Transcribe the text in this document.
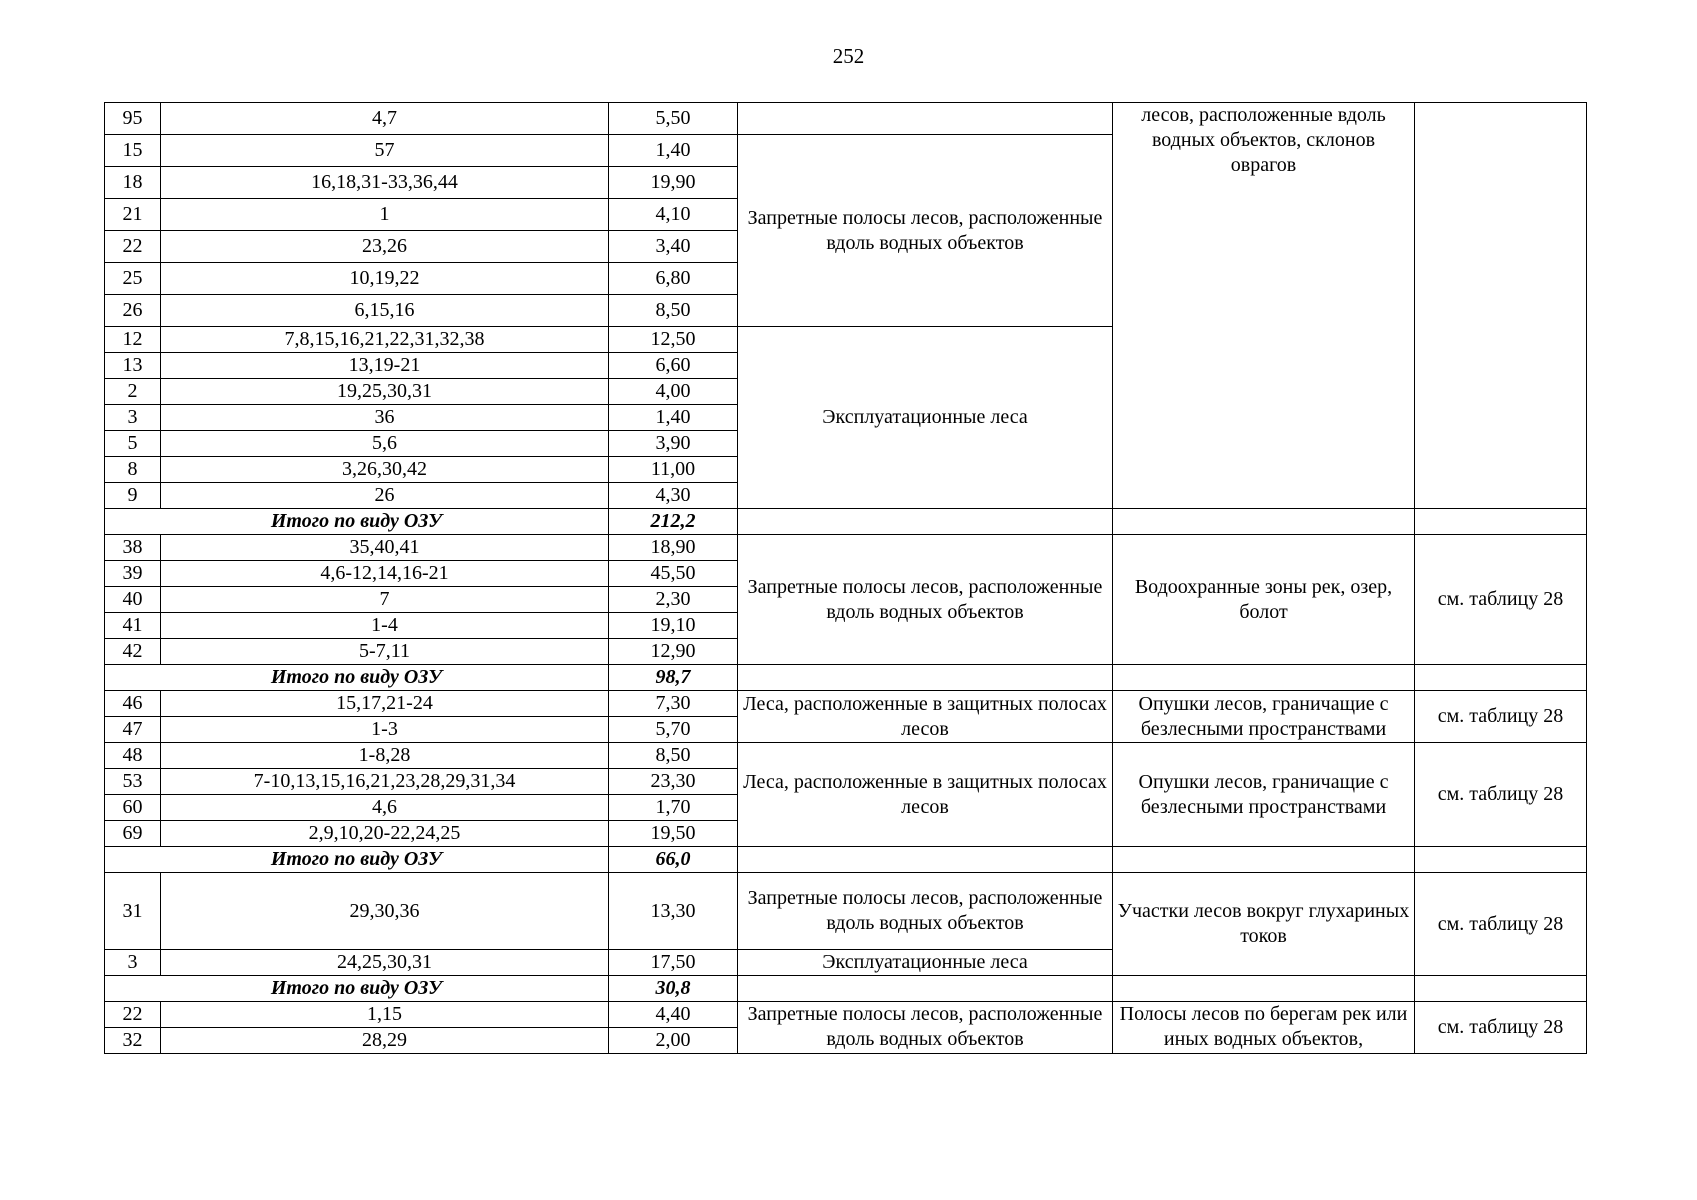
252
95	4,7	5,50		лесов, расположенные вдоль водных объектов, склонов оврагов	
15	57	1,40	Запретные полосы лесов, расположенные вдоль водных объектов		
18	16,18,31-33,36,44	19,90			
21	1	4,10			
22	23,26	3,40			
25	10,19,22	6,80			
26	6,15,16	8,50			
12	7,8,15,16,21,22,31,32,38	12,50	Эксплуатационные леса		
13	13,19-21	6,60			
2	19,25,30,31	4,00			
3	36	1,40			
5	5,6	3,90			
8	3,26,30,42	11,00			
9	26	4,30			
Итого по виду ОЗУ		212,2			
38	35,40,41	18,90	Запретные полосы лесов, расположенные вдоль водных объектов	Водоохранные зоны рек, озер, болот	см. таблицу 28
39	4,6-12,14,16-21	45,50			
40	7	2,30			
41	1-4	19,10			
42	5-7,11	12,90			
Итого по виду ОЗУ		98,7			
46	15,17,21-24	7,30	Леса, расположенные в защитных полосах лесов	Опушки лесов, граничащие с безлесными пространствами	см. таблицу 28
47	1-3	5,70			
48	1-8,28	8,50	Леса, расположенные в защитных полосах лесов	Опушки лесов, граничащие с безлесными пространствами	см. таблицу 28
53	7-10,13,15,16,21,23,28,29,31,34	23,30			
60	4,6	1,70			
69	2,9,10,20-22,24,25	19,50			
Итого по виду ОЗУ		66,0			
31	29,30,36	13,30	Запретные полосы лесов, расположенные вдоль водных объектов	Участки лесов вокруг глухариных токов	см. таблицу 28
3	24,25,30,31	17,50	Эксплуатационные леса		
Итого по виду ОЗУ		30,8			
22	1,15	4,40	Запретные полосы лесов, расположенные вдоль водных объектов	Полосы лесов по берегам рек или иных водных объектов,	см. таблицу 28
32	28,29	2,00			
